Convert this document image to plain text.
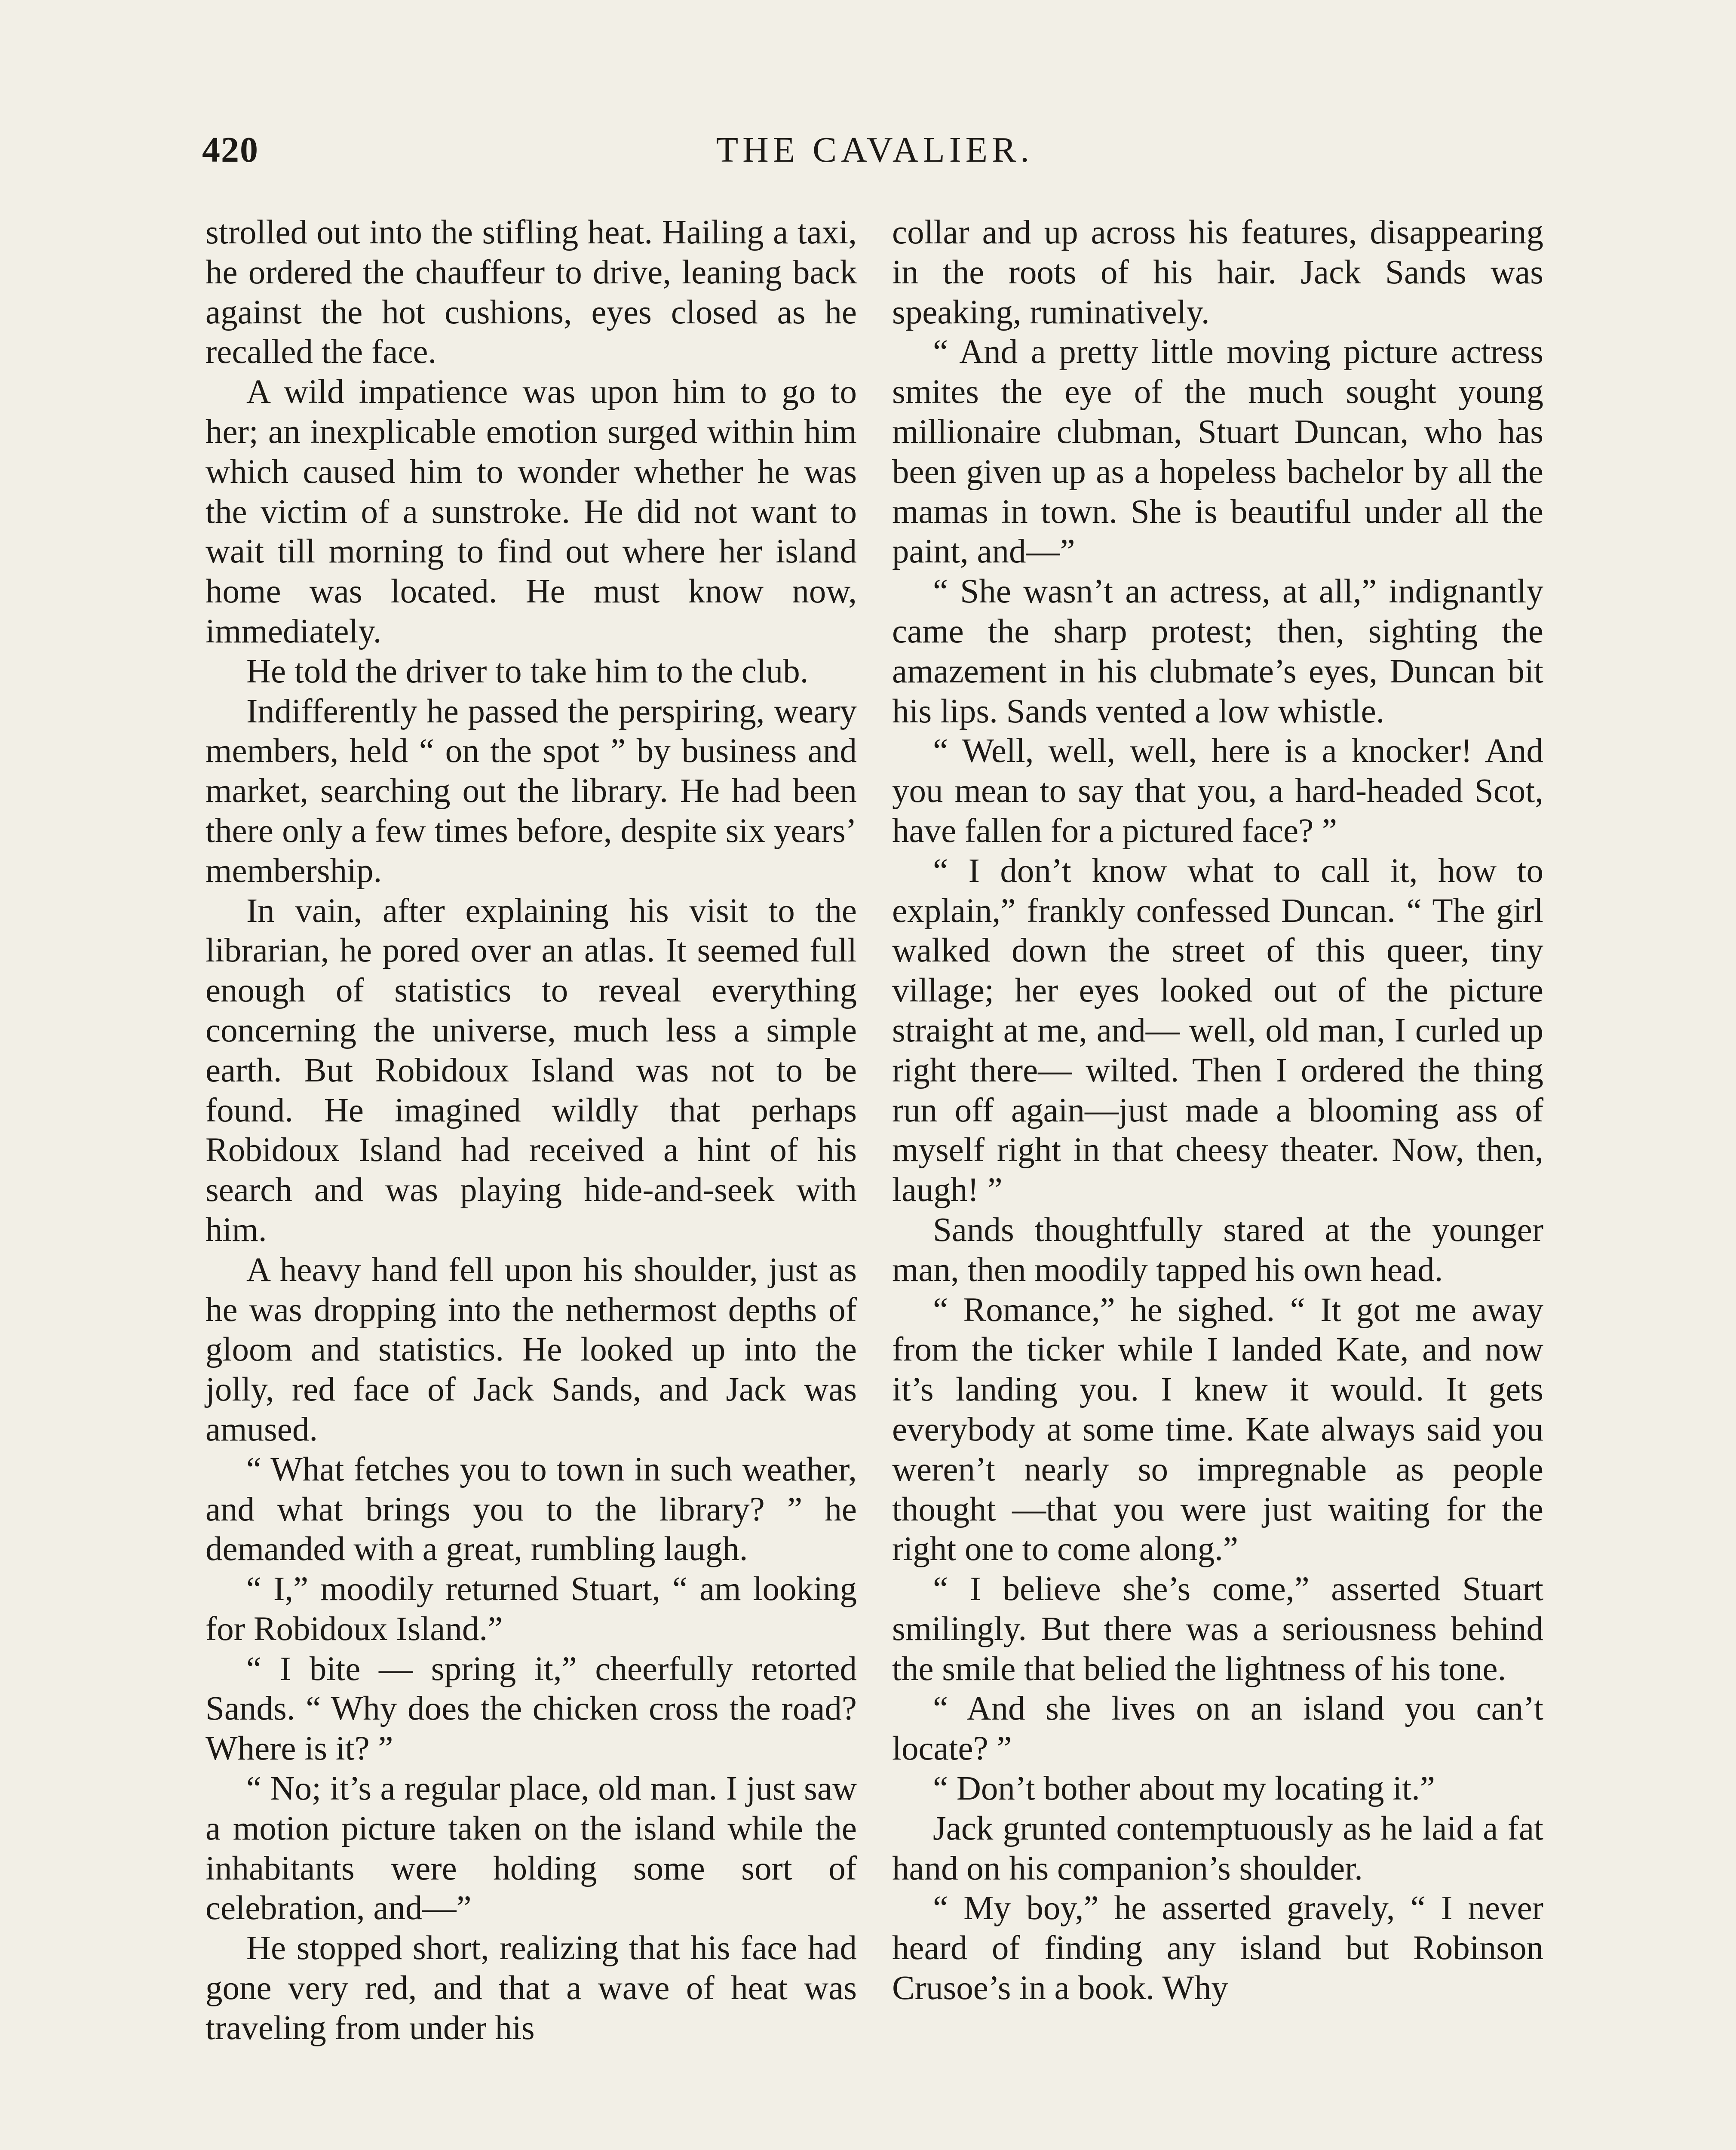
420	THE CAVALIER.

strolled out into the stifling heat. Hailing a taxi, he ordered the chauffeur to drive, leaning back against the hot cushions, eyes closed as he recalled the face.

A wild impatience was upon him to go to her; an inexplicable emotion surged within him which caused him to wonder whether he was the victim of a sunstroke. He did not want to wait till morning to find out where her island home was located. He must know now, immediately.

He told the driver to take him to the club.

Indifferently he passed the perspiring, weary members, held “ on the spot ” by business and market, searching out the library. He had been there only a few times before, despite six years’ membership.

In vain, after explaining his visit to the librarian, he pored over an atlas. It seemed full enough of statistics to reveal everything concerning the universe, much less a simple earth. But Robidoux Island was not to be found. He imagined wildly that perhaps Robidoux Island had received a hint of his search and was playing hide-and-seek with him.

A heavy hand fell upon his shoulder, just as he was dropping into the nethermost depths of gloom and statistics. He looked up into the jolly, red face of Jack Sands, and Jack was amused.

“ What fetches you to town in such weather, and what brings you to the library? ” he demanded with a great, rumbling laugh.

“ I,” moodily returned Stuart, “ am looking for Robidoux Island.”

“ I bite — spring it,” cheerfully retorted Sands. “ Why does the chicken cross the road? Where is it? ”

“ No; it’s a regular place, old man. I just saw a motion picture taken on the island while the inhabitants were holding some sort of celebration, and—”

He stopped short, realizing that his face had gone very red, and that a wave of heat was traveling from under his

collar and up across his features, disappearing in the roots of his hair. Jack Sands was speaking, ruminatively.

“ And a pretty little moving picture actress smites the eye of the much sought young millionaire clubman, Stuart Duncan, who has been given up as a hopeless bachelor by all the mamas in town. She is beautiful under all the paint, and—”

“ She wasn’t an actress, at all,” indignantly came the sharp protest; then, sighting the amazement in his clubmate’s eyes, Duncan bit his lips. Sands vented a low whistle.

“ Well, well, well, here is a knocker! And you mean to say that you, a hard-headed Scot, have fallen for a pictured face? ”

“ I don’t know what to call it, how to explain,” frankly confessed Duncan. “ The girl walked down the street of this queer, tiny village; her eyes looked out of the picture straight at me, and— well, old man, I curled up right there— wilted. Then I ordered the thing run off again—just made a blooming ass of myself right in that cheesy theater. Now, then, laugh! ”

Sands thoughtfully stared at the younger man, then moodily tapped his own head.

“ Romance,” he sighed. “ It got me away from the ticker while I landed Kate, and now it’s landing you. I knew it would. It gets everybody at some time. Kate always said you weren’t nearly so impregnable as people thought —that you were just waiting for the right one to come along.”

“ I believe she’s come,” asserted Stuart smilingly. But there was a seriousness behind the smile that belied the lightness of his tone.

“ And she lives on an island you can’t locate? ”

“ Don’t bother about my locating it.”

Jack grunted contemptuously as he laid a fat hand on his companion’s shoulder.

“ My boy,” he asserted gravely, “ I never heard of finding any island but Robinson Crusoe’s in a book. Why
